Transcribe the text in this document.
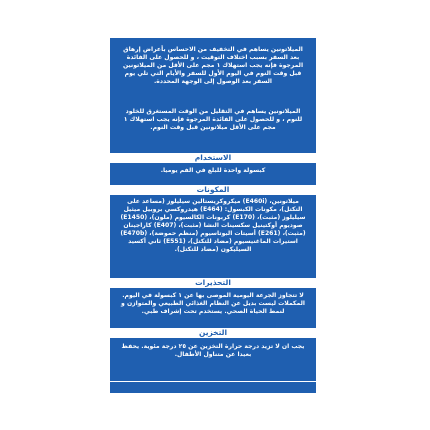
الميلاتونين يساهم في التخفيف من الاحساس بأعراض إرهاق بعد السفر بسبب اختلاف التوقيت ، و للحصول على الفائدة المرجوة فإنه يجب استهلاك ١ مجم على الأقل من الميلاتونين قبل وقت النوم في اليوم الأول للسفر والأيام التي تلي يوم السفر بعد الوصول إلى الوجهة المحددة.

الميلاتونين يساهم في التقليل من الوقت المستغرق للخلود للنوم ، و للحصول على الفائدة المرجوة فإنه يجب استهلاك ١ مجم على الأقل ميلاتونين قبل وقت النوم.

الاستخدام

كبسولة واحدة للبلع في الفم يوميا.

المكونات

ميلاتونين، (E460i) ميكروكريستالين سيليلوز (مساعد على التكتل)، مكونات الكبسول: (E464) هيدروكسي بروبيل ميثيل سيليلوز (مثبت)، (E170) كربونات الكالسيوم (ملون)، (E1450) صوديوم أوكتينيل سكسينات النشا (مثبت)، (E407) كاراجينان (مثبت)، (E261) أسيتات البوتاسيوم (منظم حموضة)، (E470b) استيرات الماغنيسيوم (مضاد للتكتل)، (E551) ثاني أكسيد السيليكون (مضاد للتكتل).

التحذيرات

لا تتجاوز الجرعة اليومية الموصى بها عن ١ كبسولة في اليوم. المكملات ليست بديل عن النظام الغذائي الطبيعي والمتوازن و لنمط الحياة الصحي. يستخدم تحت إشراف طبي.

التخزين

يجب ان لا تزيد درجة حرارة التخزين عن ٢٥ درجة مئوية. يحفظ بعيدا عن متناول الأطفال.
